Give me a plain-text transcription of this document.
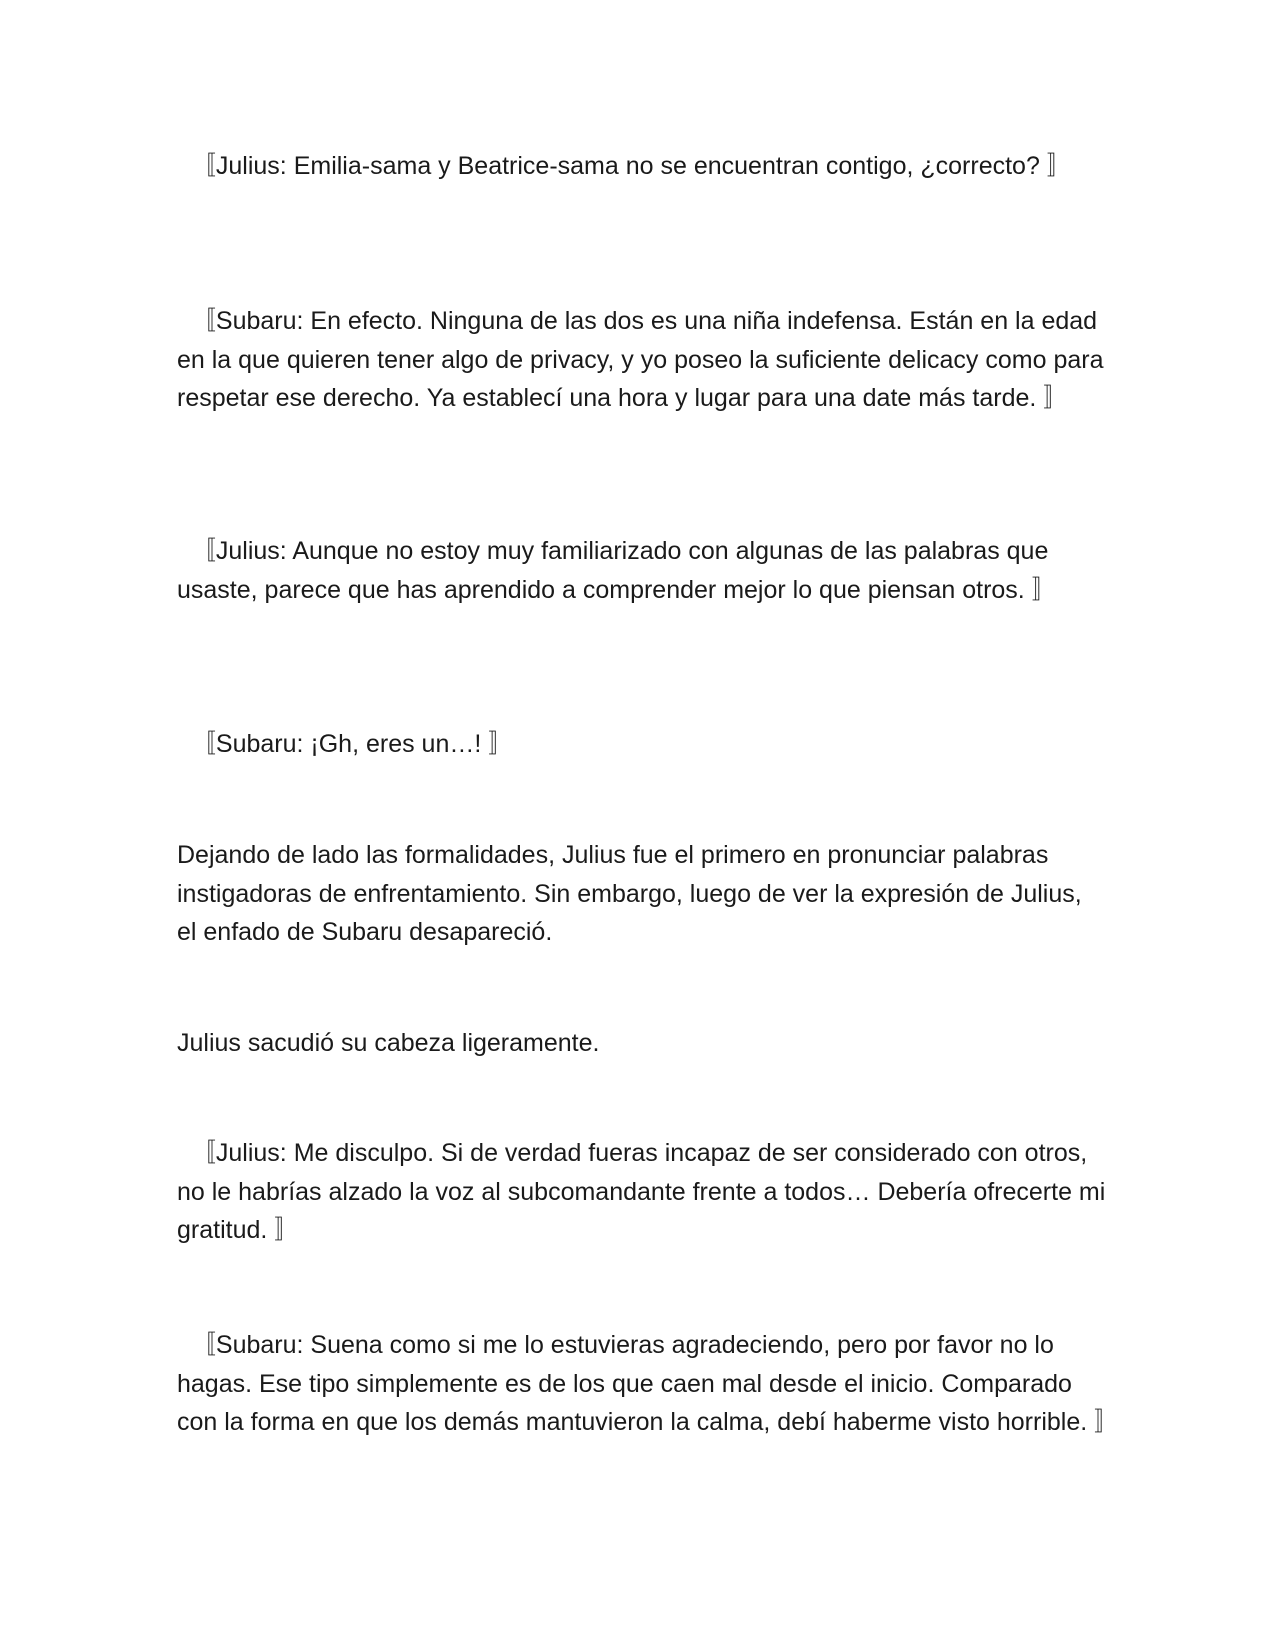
〚Julius: Emilia-sama y Beatrice-sama no se encuentran contigo, ¿correcto? 〛

〚Subaru: En efecto. Ninguna de las dos es una niña indefensa. Están en la edad en la que quieren tener algo de privacy, y yo poseo la suficiente delicacy como para respetar ese derecho. Ya establecí una hora y lugar para una date más tarde. 〛

〚Julius: Aunque no estoy muy familiarizado con algunas de las palabras que usaste, parece que has aprendido a comprender mejor lo que piensan otros. 〛

〚Subaru: ¡Gh, eres un…! 〛

Dejando de lado las formalidades, Julius fue el primero en pronunciar palabras instigadoras de enfrentamiento. Sin embargo, luego de ver la expresión de Julius, el enfado de Subaru desapareció.

Julius sacudió su cabeza ligeramente.

〚Julius: Me disculpo. Si de verdad fueras incapaz de ser considerado con otros, no le habrías alzado la voz al subcomandante frente a todos… Debería ofrecerte mi gratitud. 〛

〚Subaru: Suena como si me lo estuvieras agradeciendo, pero por favor no lo hagas. Ese tipo simplemente es de los que caen mal desde el inicio. Comparado con la forma en que los demás mantuvieron la calma, debí haberme visto horrible. 〛
